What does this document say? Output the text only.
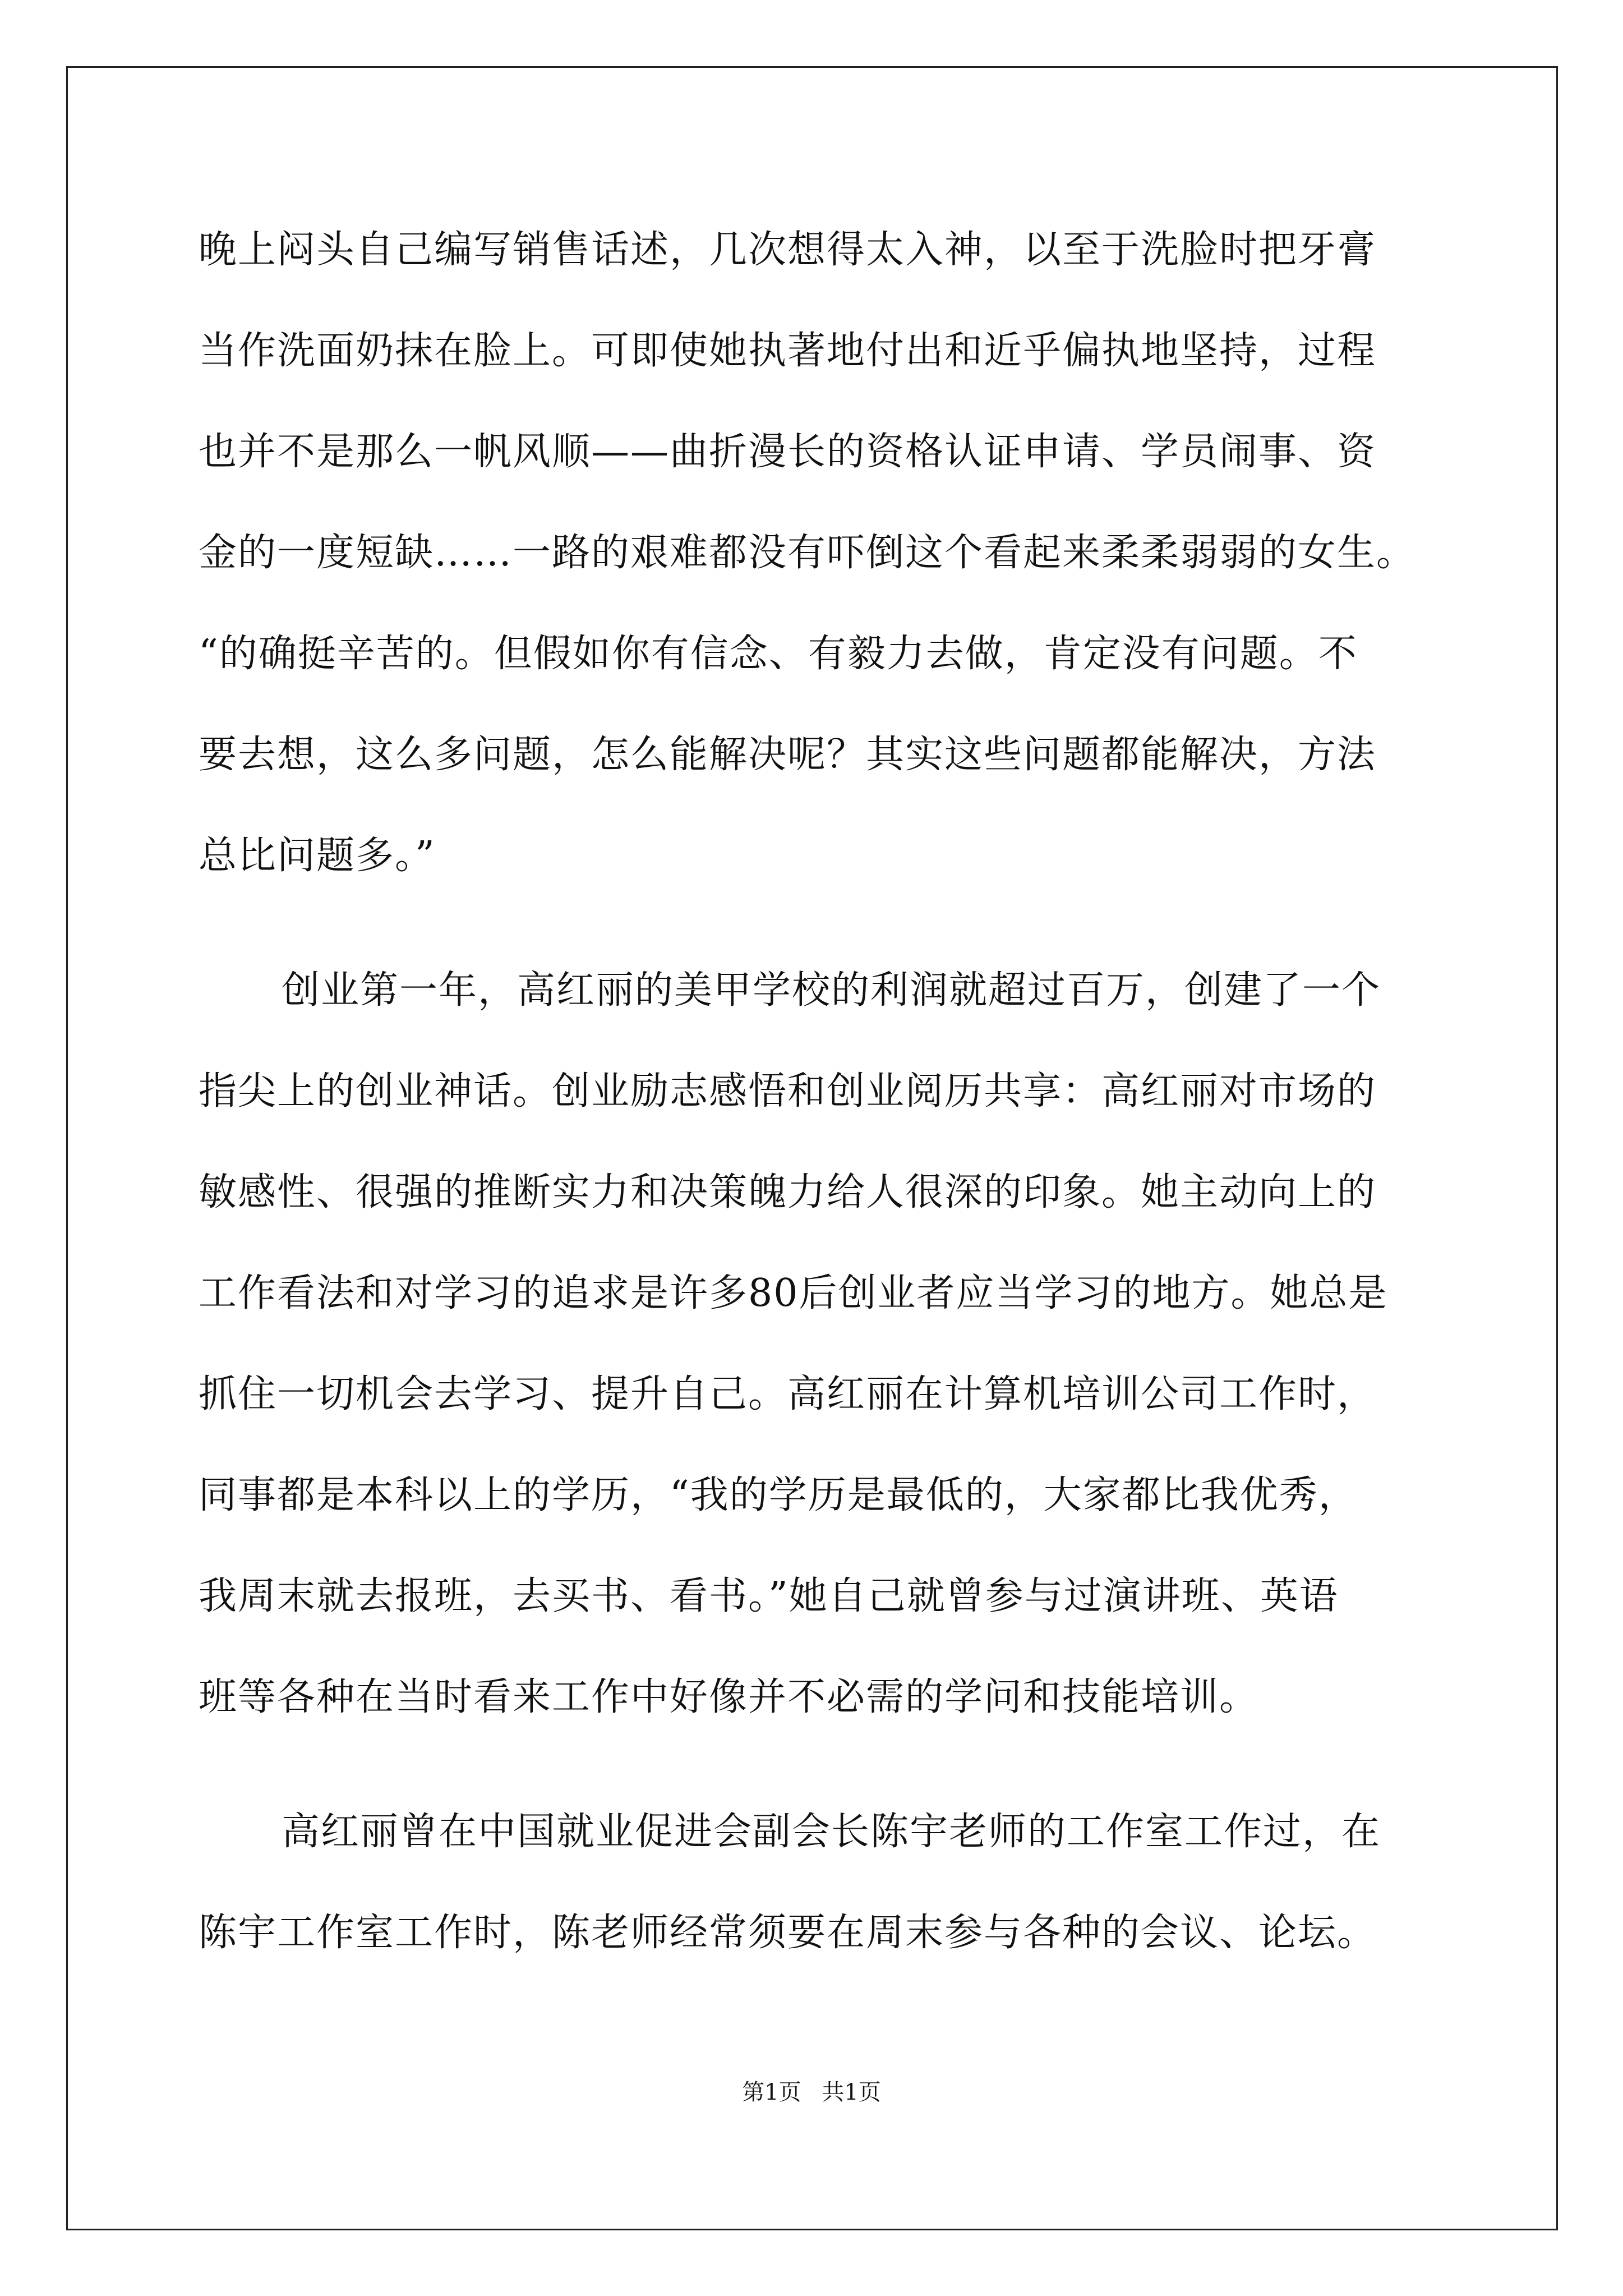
晚上闷头自己编写销售话述，几次想得太入神，以至于洗脸时把牙膏
当作洗面奶抹在脸上。可即使她执著地付出和近乎偏执地坚持，过程
也并不是那么一帆风顺——曲折漫长的资格认证申请、学员闹事、资
金的一度短缺……一路的艰难都没有吓倒这个看起来柔柔弱弱的女生。
“的确挺辛苦的。但假如你有信念、有毅力去做，肯定没有问题。不
要去想，这么多问题，怎么能解决呢？其实这些问题都能解决，方法
总比问题多。”
创业第一年，高红丽的美甲学校的利润就超过百万，创建了一个
指尖上的创业神话。创业励志感悟和创业阅历共享：高红丽对市场的
敏感性、很强的推断实力和决策魄力给人很深的印象。她主动向上的
工作看法和对学习的追求是许多80后创业者应当学习的地方。她总是
抓住一切机会去学习、提升自己。高红丽在计算机培训公司工作时，
同事都是本科以上的学历，“我的学历是最低的，大家都比我优秀，
我周末就去报班，去买书、看书。”她自己就曾参与过演讲班、英语
班等各种在当时看来工作中好像并不必需的学问和技能培训。
高红丽曾在中国就业促进会副会长陈宇老师的工作室工作过，在
陈宇工作室工作时，陈老师经常须要在周末参与各种的会议、论坛。
第1页 共1页
